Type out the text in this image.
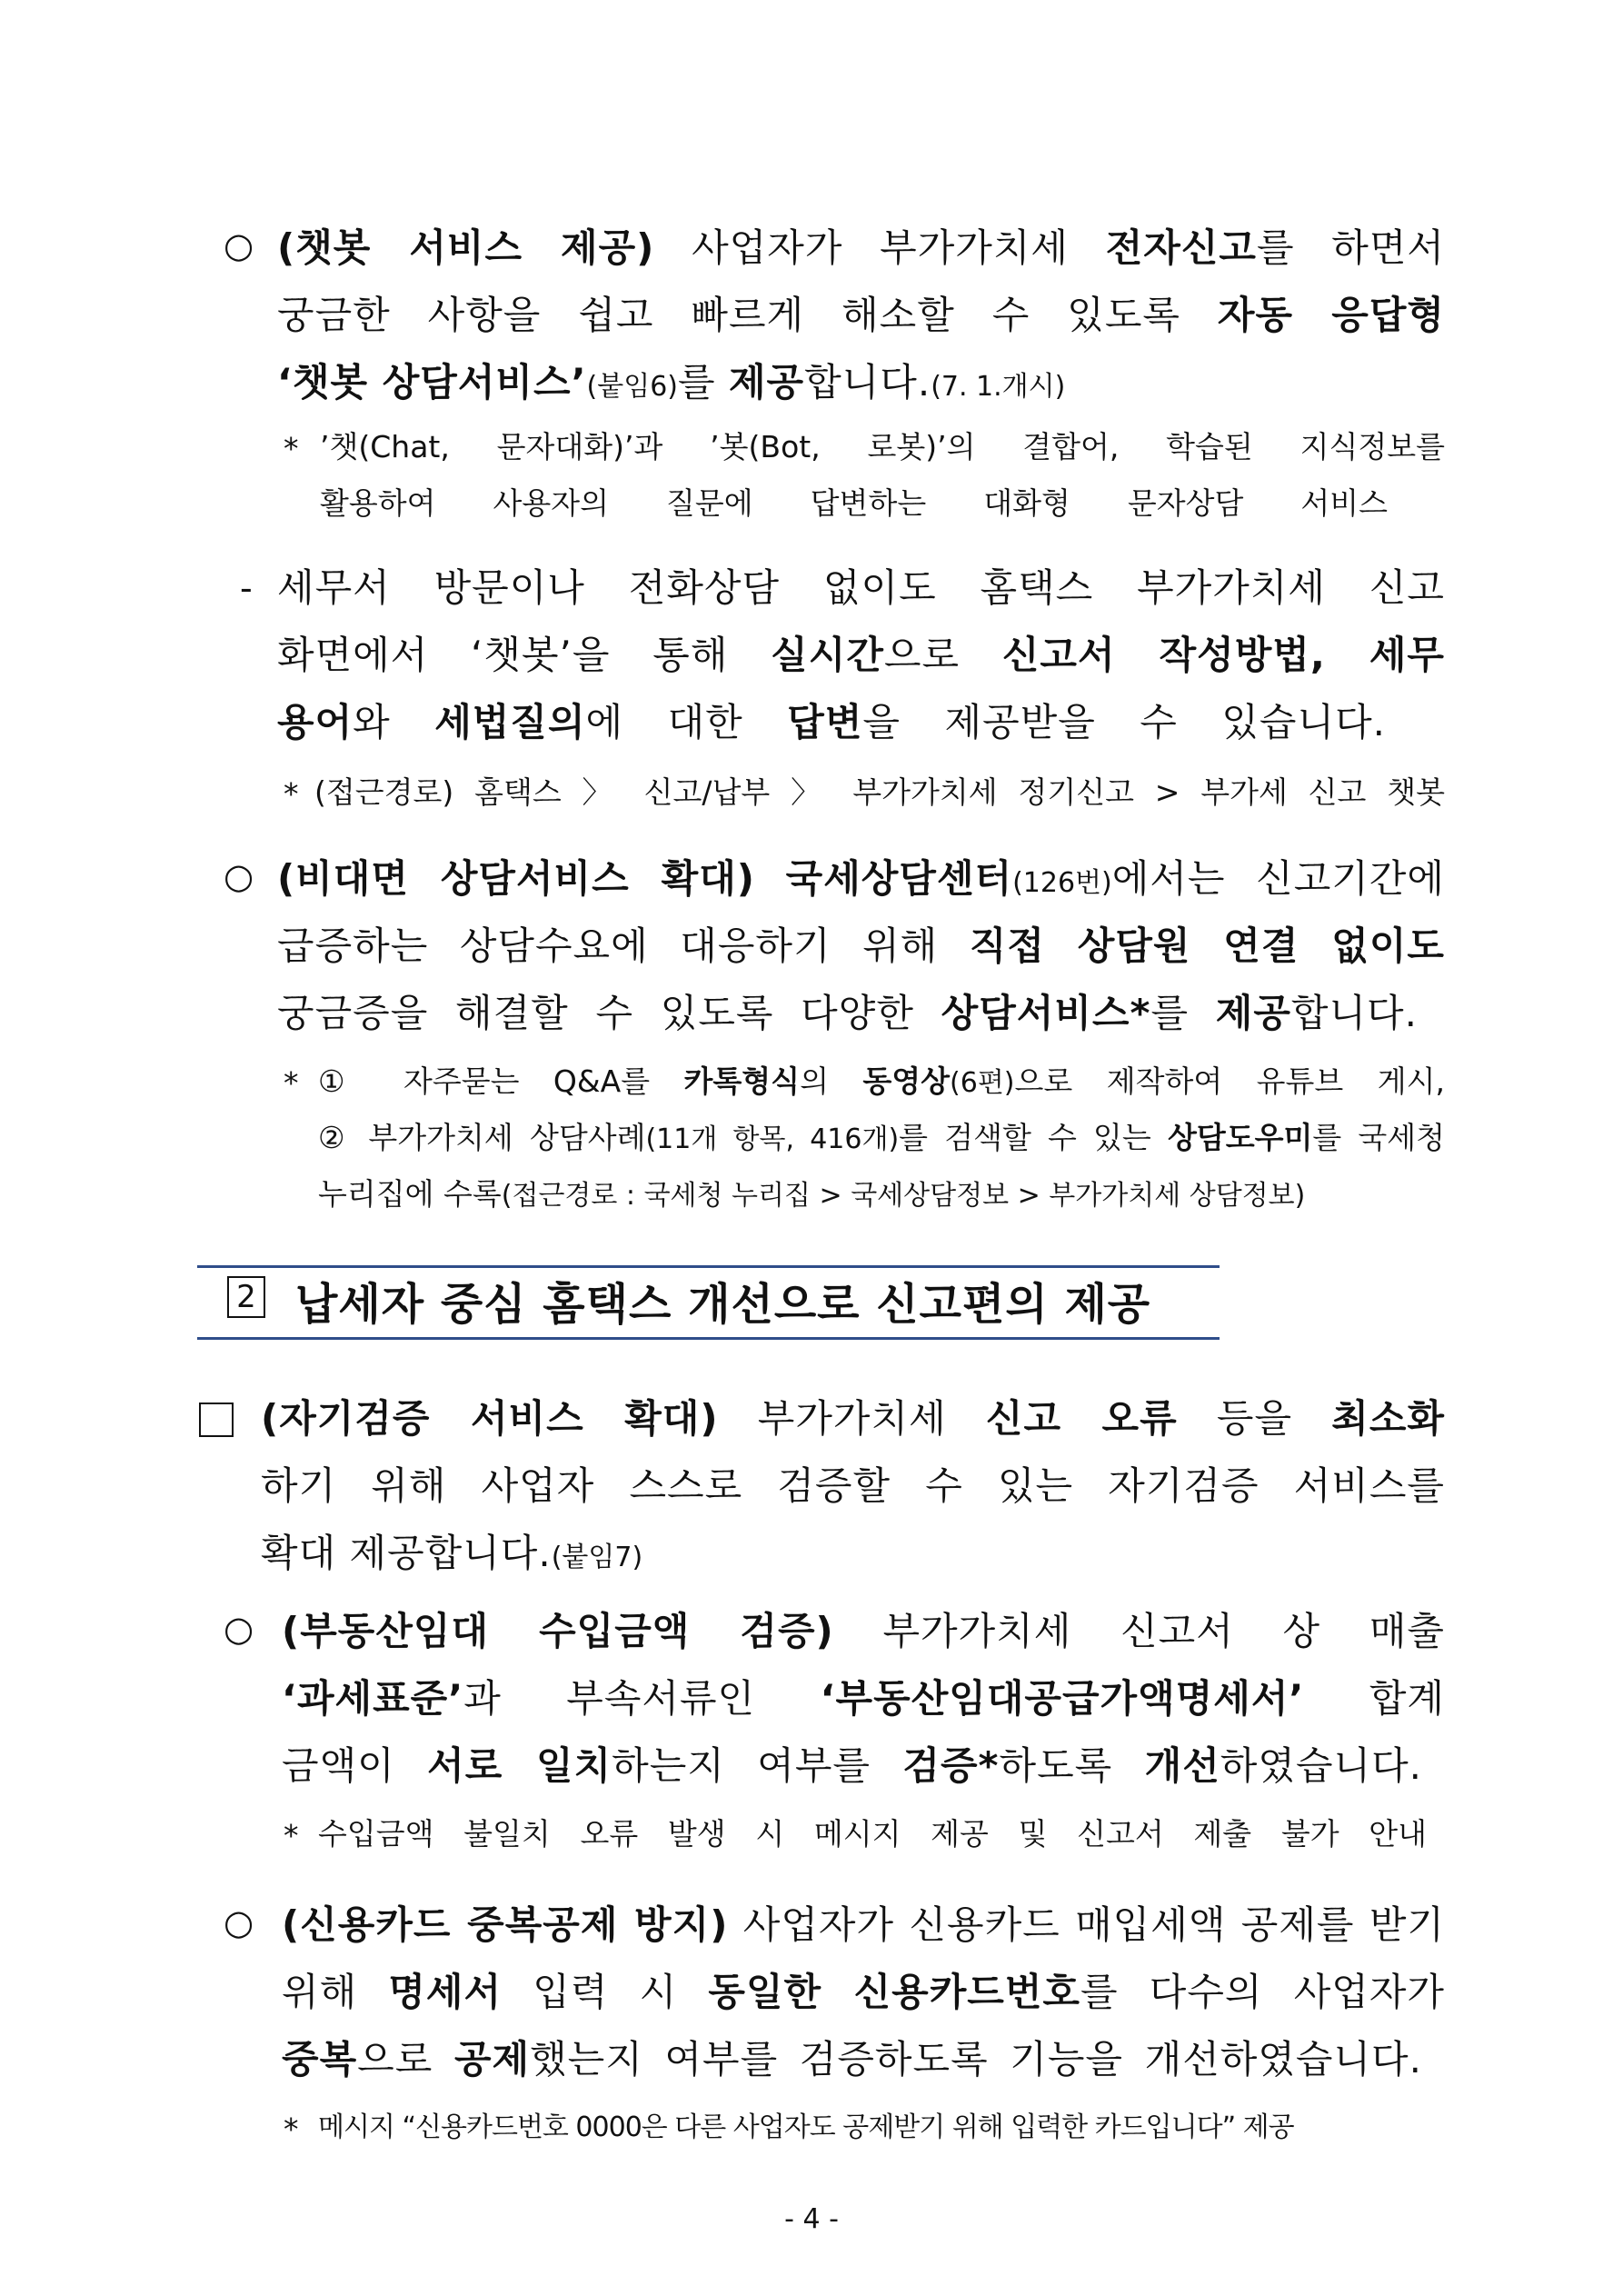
○ (챗봇 서비스 제공) 사업자가 부가가치세 전자신고를 하면서
궁금한 사항을 쉽고 빠르게 해소할 수 있도록 자동 응답형
‘챗봇 상담서비스’(붙임6)를 제공합니다.(7. 1.개시)
* ’챗(Chat, 문자대화)’과 ’봇(Bot, 로봇)’의 결합어, 학습된 지식정보를
활용하여 사용자의 질문에 답변하는 대화형 문자상담 서비스
- 세무서 방문이나 전화상담 없이도 홈택스 부가가치세 신고
화면에서 ‘챗봇’을 통해 실시간으로 신고서 작성방법, 세무
용어와 세법질의에 대한 답변을 제공받을 수 있습니다.
* (접근경로) 홈택스 〉 신고/납부 〉 부가가치세 정기신고 > 부가세 신고 챗봇
○ (비대면 상담서비스 확대) 국세상담센터(126번)에서는 신고기간에
급증하는 상담수요에 대응하기 위해 직접 상담원 연결 없이도
궁금증을 해결할 수 있도록 다양한 상담서비스*를 제공합니다.
* ① 자주묻는 Q&A를 카톡형식의 동영상(6편)으로 제작하여 유튜브 게시,
② 부가가치세 상담사례(11개 항목, 416개)를 검색할 수 있는 상담도우미를 국세청
누리집에 수록(접근경로 : 국세청 누리집 > 국세상담정보 > 부가가치세 상담정보)
2 납세자 중심 홈택스 개선으로 신고편의 제공
(자기검증 서비스 확대) 부가가치세 신고 오류 등을 최소화
하기 위해 사업자 스스로 검증할 수 있는 자기검증 서비스를
확대 제공합니다.(붙임7)
○ (부동산임대 수입금액 검증) 부가가치세 신고서 상 매출
‘과세표준’과 부속서류인 ‘부동산임대공급가액명세서’ 합계
금액이 서로 일치하는지 여부를 검증*하도록 개선하였습니다.
* 수입금액 불일치 오류 발생 시 메시지 제공 및 신고서 제출 불가 안내
○ (신용카드 중복공제 방지) 사업자가 신용카드 매입세액 공제를 받기
위해 명세서 입력 시 동일한 신용카드번호를 다수의 사업자가
중복으로 공제했는지 여부를 검증하도록 기능을 개선하였습니다.
* 메시지 “신용카드번호 0000은 다른 사업자도 공제받기 위해 입력한 카드입니다” 제공
- 4 -
